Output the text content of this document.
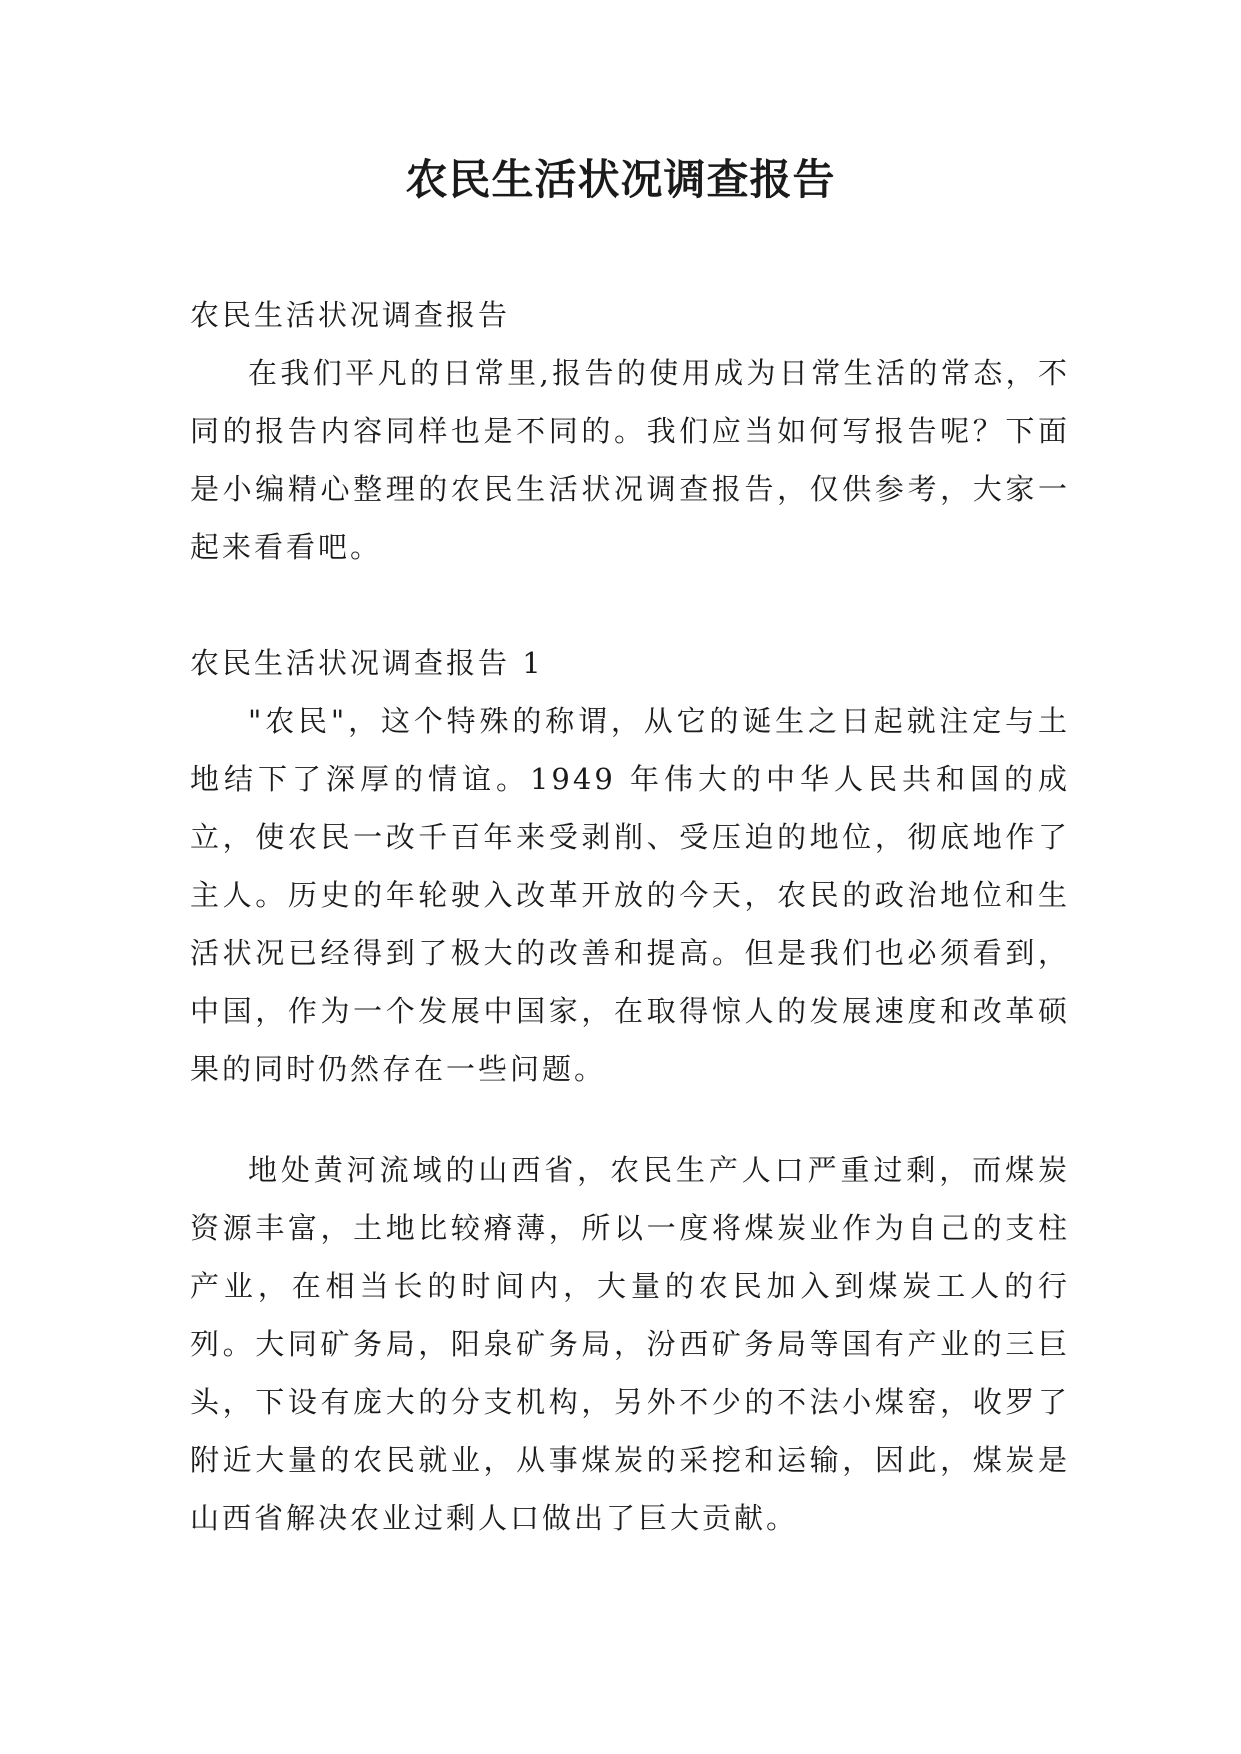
农民生活状况调查报告

农民生活状况调查报告

在我们平凡的日常里,报告的使用成为日常生活的常态，不同的报告内容同样也是不同的。我们应当如何写报告呢？下面是小编精心整理的农民生活状况调查报告，仅供参考，大家一起来看看吧。

农民生活状况调查报告 1

"农民"，这个特殊的称谓，从它的诞生之日起就注定与土地结下了深厚的情谊。1949 年伟大的中华人民共和国的成立，使农民一改千百年来受剥削、受压迫的地位，彻底地作了主人。历史的年轮驶入改革开放的今天，农民的政治地位和生活状况已经得到了极大的改善和提高。但是我们也必须看到，中国，作为一个发展中国家，在取得惊人的发展速度和改革硕果的同时仍然存在一些问题。

地处黄河流域的山西省，农民生产人口严重过剩，而煤炭资源丰富，土地比较瘠薄，所以一度将煤炭业作为自己的支柱产业，在相当长的时间内，大量的农民加入到煤炭工人的行列。大同矿务局，阳泉矿务局，汾西矿务局等国有产业的三巨头，下设有庞大的分支机构，另外不少的不法小煤窑，收罗了附近大量的农民就业，从事煤炭的采挖和运输，因此，煤炭是山西省解决农业过剩人口做出了巨大贡献。
